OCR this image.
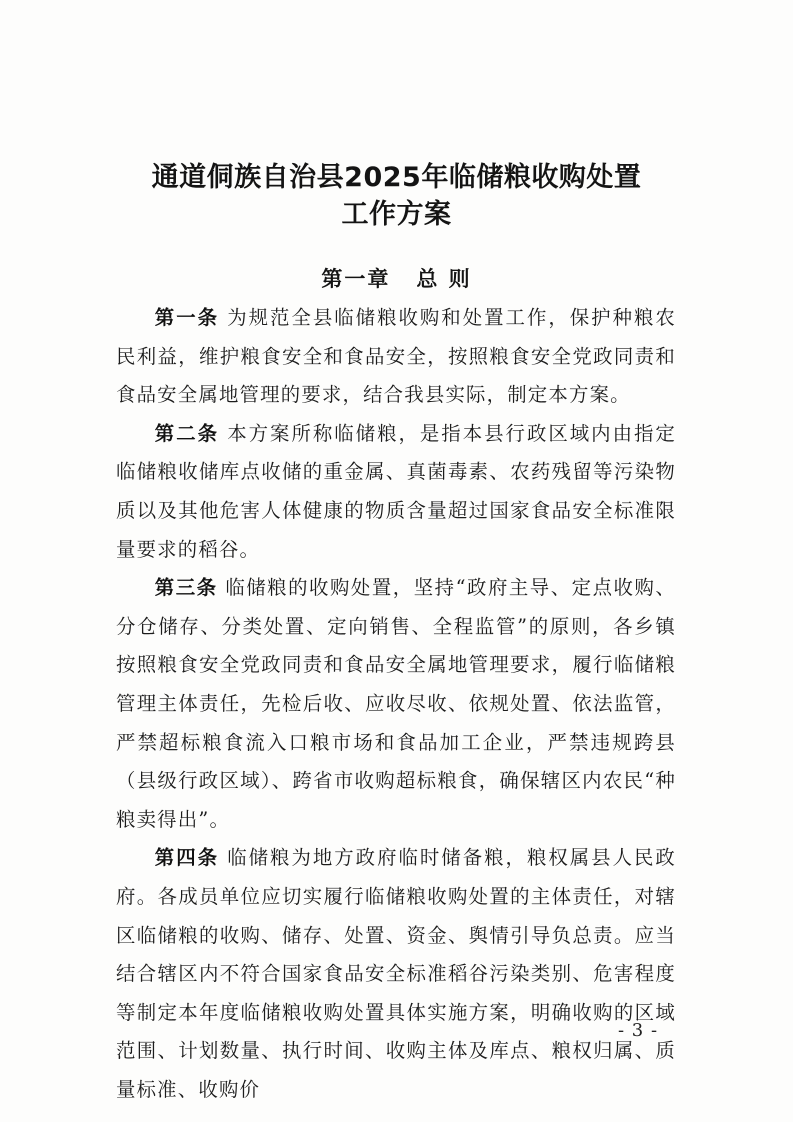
通道侗族自治县2025年临储粮收购处置
工作方案
第一章 总 则

第一条 为规范全县临储粮收购和处置工作，保护种粮农民利益，维护粮食安全和食品安全，按照粮食安全党政同责和食品安全属地管理的要求，结合我县实际，制定本方案。

第二条 本方案所称临储粮，是指本县行政区域内由指定临储粮收储库点收储的重金属、真菌毒素、农药残留等污染物质以及其他危害人体健康的物质含量超过国家食品安全标准限量要求的稻谷。

第三条 临储粮的收购处置，坚持“政府主导、定点收购、分仓储存、分类处置、定向销售、全程监管”的原则，各乡镇按照粮食安全党政同责和食品安全属地管理要求，履行临储粮管理主体责任，先检后收、应收尽收、依规处置、依法监管，严禁超标粮食流入口粮市场和食品加工企业，严禁违规跨县（县级行政区域）、跨省市收购超标粮食，确保辖区内农民“种粮卖得出”。

第四条 临储粮为地方政府临时储备粮，粮权属县人民政府。各成员单位应切实履行临储粮收购处置的主体责任，对辖区临储粮的收购、储存、处置、资金、舆情引导负总责。应当结合辖区内不符合国家食品安全标准稻谷污染类别、危害程度等制定本年度临储粮收购处置具体实施方案，明确收购的区域范围、计划数量、执行时间、收购主体及库点、粮权归属、质量标准、收购价

- 3 -
